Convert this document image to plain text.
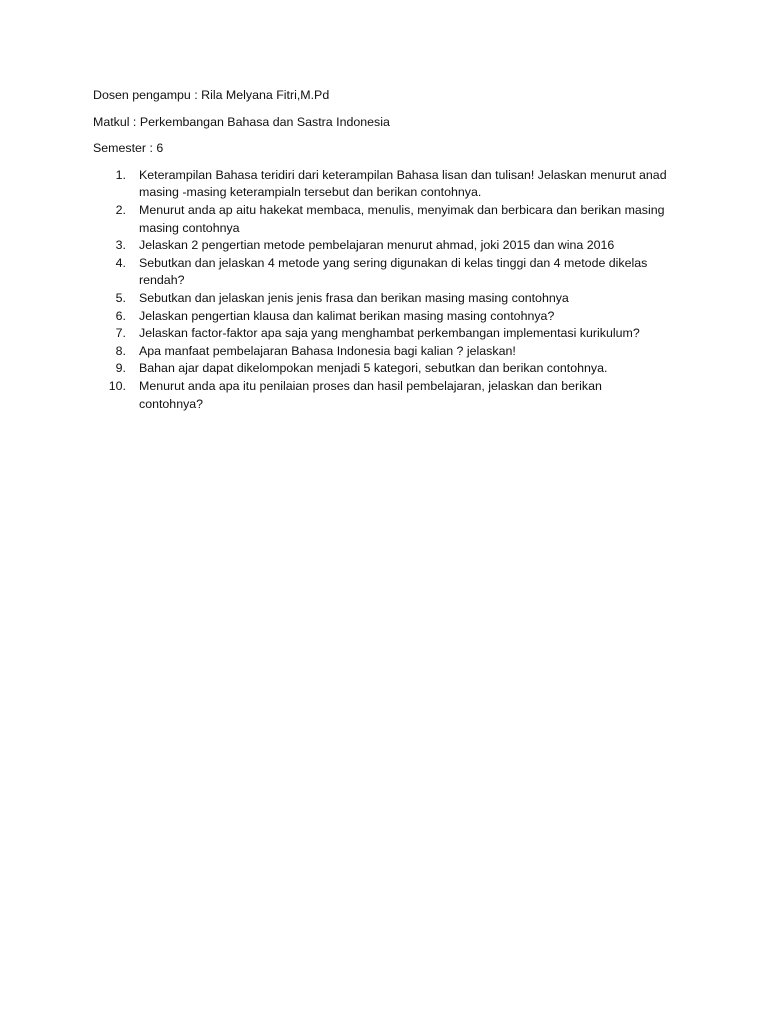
Dosen pengampu : Rila Melyana Fitri,M.Pd

Matkul : Perkembangan Bahasa dan Sastra Indonesia

Semester : 6

1. Keterampilan Bahasa teridiri dari keterampilan Bahasa lisan dan tulisan! Jelaskan menurut anad masing -masing keterampialn tersebut dan berikan contohnya.
2. Menurut anda ap aitu hakekat membaca, menulis, menyimak dan berbicara dan berikan masing masing contohnya
3. Jelaskan 2 pengertian metode pembelajaran menurut ahmad, joki 2015 dan wina 2016
4. Sebutkan dan jelaskan 4 metode yang sering digunakan di kelas tinggi dan 4 metode dikelas rendah?
5. Sebutkan dan jelaskan jenis jenis frasa dan berikan masing masing contohnya
6. Jelaskan pengertian klausa dan kalimat berikan masing masing contohnya?
7. Jelaskan factor-faktor apa saja yang menghambat perkembangan implementasi kurikulum?
8. Apa manfaat pembelajaran Bahasa Indonesia bagi kalian ? jelaskan!
9. Bahan ajar dapat dikelompokan menjadi 5 kategori, sebutkan dan berikan contohnya.
10. Menurut anda apa itu penilaian proses dan hasil pembelajaran, jelaskan dan berikan contohnya?
